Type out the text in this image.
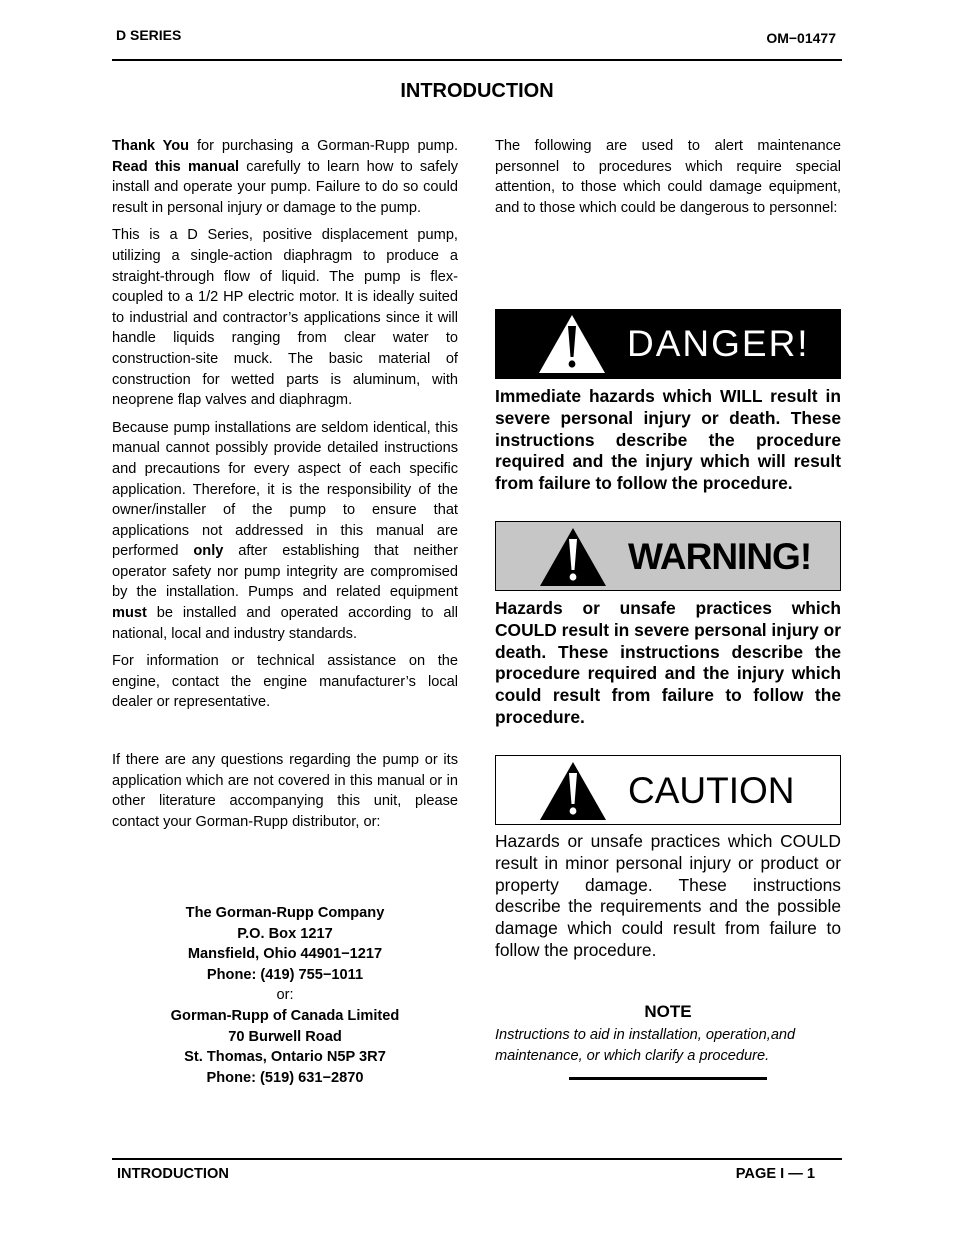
D SERIES	OM−01477
INTRODUCTION

Thank You for purchasing a Gorman-Rupp pump. Read this manual carefully to learn how to safely install and operate your pump. Failure to do so could result in personal injury or damage to the pump.

This is a D Series, positive displacement pump, utilizing a single-action diaphragm to produce a straight-through flow of liquid. The pump is flex-coupled to a 1/2 HP electric motor. It is ideally suited to industrial and contractor’s applications since it will handle liquids ranging from clear water to construction-site muck. The basic material of construction for wetted parts is aluminum, with neoprene flap valves and diaphragm.

Because pump installations are seldom identical, this manual cannot possibly provide detailed instructions and precautions for every aspect of each specific application. Therefore, it is the responsibility of the owner/installer of the pump to ensure that applications not addressed in this manual are performed only after establishing that neither operator safety nor pump integrity are compromised by the installation. Pumps and related equipment must be installed and operated according to all national, local and industry standards.

For information or technical assistance on the engine, contact the engine manufacturer’s local dealer or representative.

If there are any questions regarding the pump or its application which are not covered in this manual or in other literature accompanying this unit, please contact your Gorman-Rupp distributor, or:

The Gorman-Rupp Company
P.O. Box 1217
Mansfield, Ohio 44901−1217
Phone: (419) 755−1011
or:
Gorman-Rupp of Canada Limited
70 Burwell Road
St. Thomas, Ontario N5P 3R7
Phone: (519) 631−2870
The following are used to alert maintenance personnel to procedures which require special attention, to those which could damage equipment, and to those which could be dangerous to personnel:
DANGER!
Immediate hazards which WILL result in severe personal injury or death. These instructions describe the procedure required and the injury which will result from failure to follow the procedure.
WARNING!
Hazards or unsafe practices which COULD result in severe personal injury or death. These instructions describe the procedure required and the injury which could result from failure to follow the procedure.
CAUTION
Hazards or unsafe practices which COULD result in minor personal injury or product or property damage. These instructions describe the requirements and the possible damage which could result from failure to follow the procedure.
NOTE
Instructions to aid in installation, operation,and maintenance, or which clarify a procedure.
INTRODUCTION	PAGE I — 1
